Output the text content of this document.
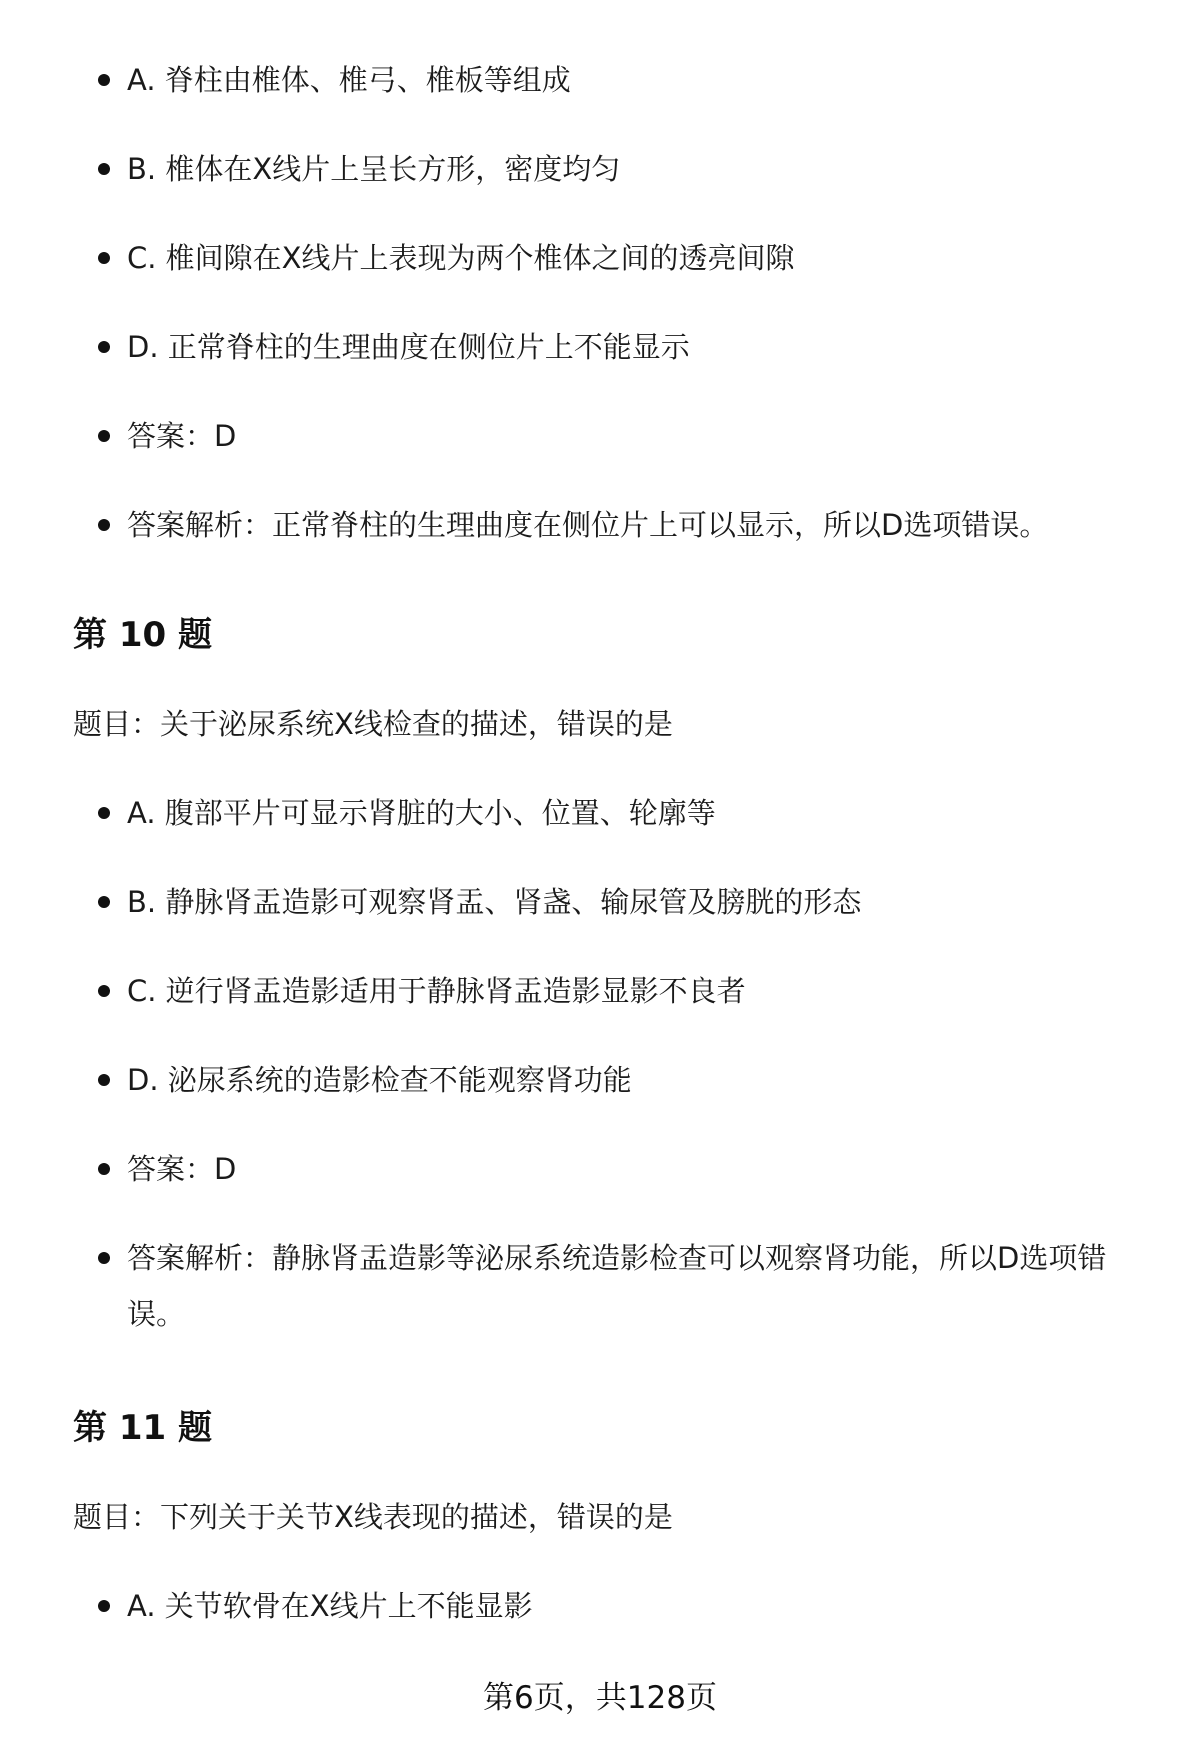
A. 脊柱由椎体、椎弓、椎板等组成
B. 椎体在X线片上呈长方形，密度均匀
C. 椎间隙在X线片上表现为两个椎体之间的透亮间隙
D. 正常脊柱的生理曲度在侧位片上不能显示
答案：D
答案解析：正常脊柱的生理曲度在侧位片上可以显示，所以D选项错误。
第 10 题

题目：关于泌尿系统X线检查的描述，错误的是

A. 腹部平片可显示肾脏的大小、位置、轮廓等
B. 静脉肾盂造影可观察肾盂、肾盏、输尿管及膀胱的形态
C. 逆行肾盂造影适用于静脉肾盂造影显影不良者
D. 泌尿系统的造影检查不能观察肾功能
答案：D
答案解析：静脉肾盂造影等泌尿系统造影检查可以观察肾功能，所以D选项错误。
第 11 题

题目：下列关于关节X线表现的描述，错误的是

A. 关节软骨在X线片上不能显影
第6页，共128页
